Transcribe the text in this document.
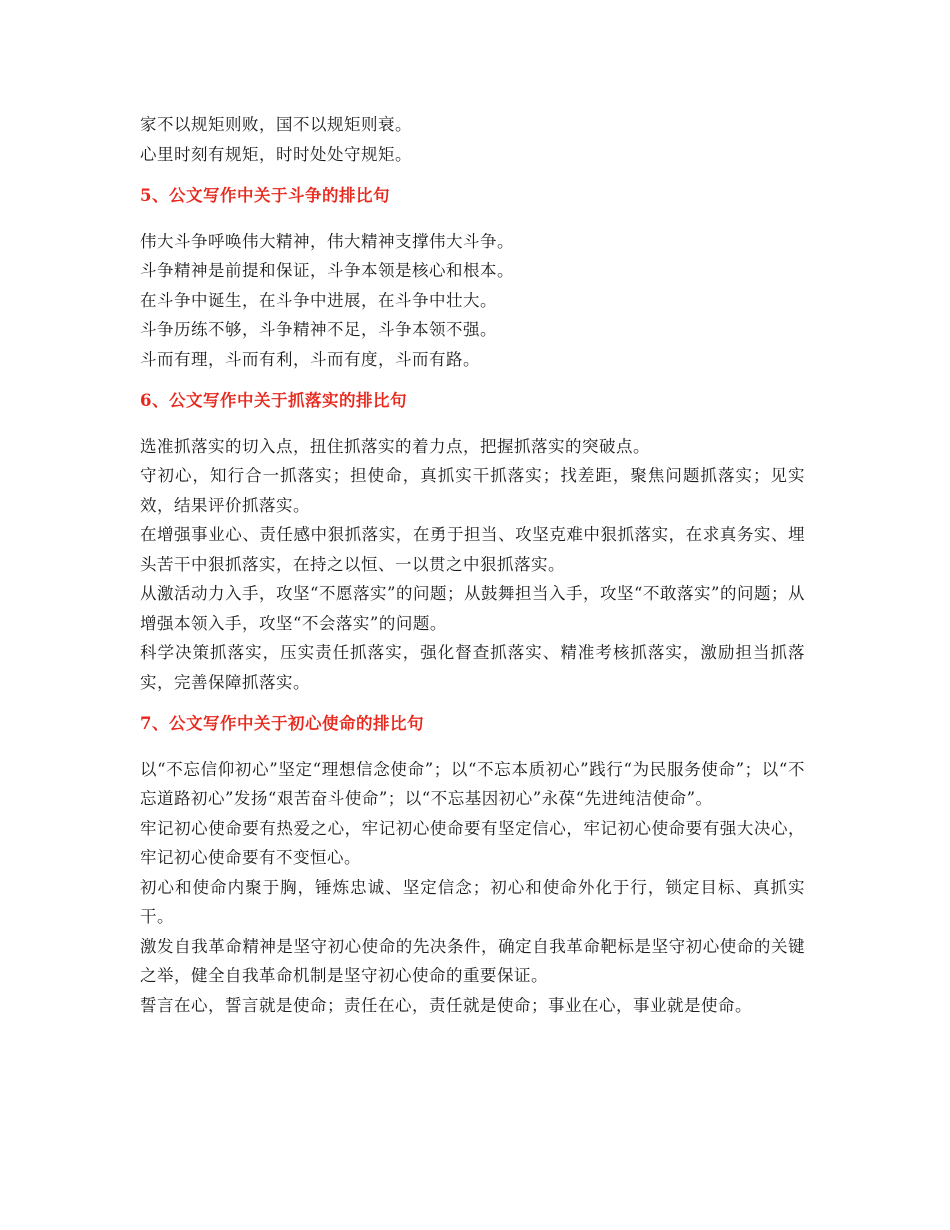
家不以规矩则败，国不以规矩则衰。

心里时刻有规矩，时时处处守规矩。

5、公文写作中关于斗争的排比句

伟大斗争呼唤伟大精神，伟大精神支撑伟大斗争。

斗争精神是前提和保证，斗争本领是核心和根本。

在斗争中诞生，在斗争中进展，在斗争中壮大。

斗争历练不够，斗争精神不足，斗争本领不强。

斗而有理，斗而有利，斗而有度，斗而有路。

6、公文写作中关于抓落实的排比句

选准抓落实的切入点，扭住抓落实的着力点，把握抓落实的突破点。

守初心，知行合一抓落实；担使命，真抓实干抓落实；找差距，聚焦问题抓落实；见实效，结果评价抓落实。

在增强事业心、责任感中狠抓落实，在勇于担当、攻坚克难中狠抓落实，在求真务实、埋头苦干中狠抓落实，在持之以恒、一以贯之中狠抓落实。

从激活动力入手，攻坚“不愿落实”的问题；从鼓舞担当入手，攻坚“不敢落实”的问题；从增强本领入手，攻坚“不会落实”的问题。

科学决策抓落实，压实责任抓落实，强化督查抓落实、精准考核抓落实，激励担当抓落实，完善保障抓落实。

7、公文写作中关于初心使命的排比句

以“不忘信仰初心”坚定“理想信念使命”；以“不忘本质初心”践行“为民服务使命”；以“不忘道路初心”发扬“艰苦奋斗使命”；以“不忘基因初心”永葆“先进纯洁使命”。

牢记初心使命要有热爱之心，牢记初心使命要有坚定信心，牢记初心使命要有强大决心，牢记初心使命要有不变恒心。

初心和使命内聚于胸，锤炼忠诚、坚定信念；初心和使命外化于行，锁定目标、真抓实干。

激发自我革命精神是坚守初心使命的先决条件，确定自我革命靶标是坚守初心使命的关键之举，健全自我革命机制是坚守初心使命的重要保证。

誓言在心，誓言就是使命；责任在心，责任就是使命；事业在心，事业就是使命。
